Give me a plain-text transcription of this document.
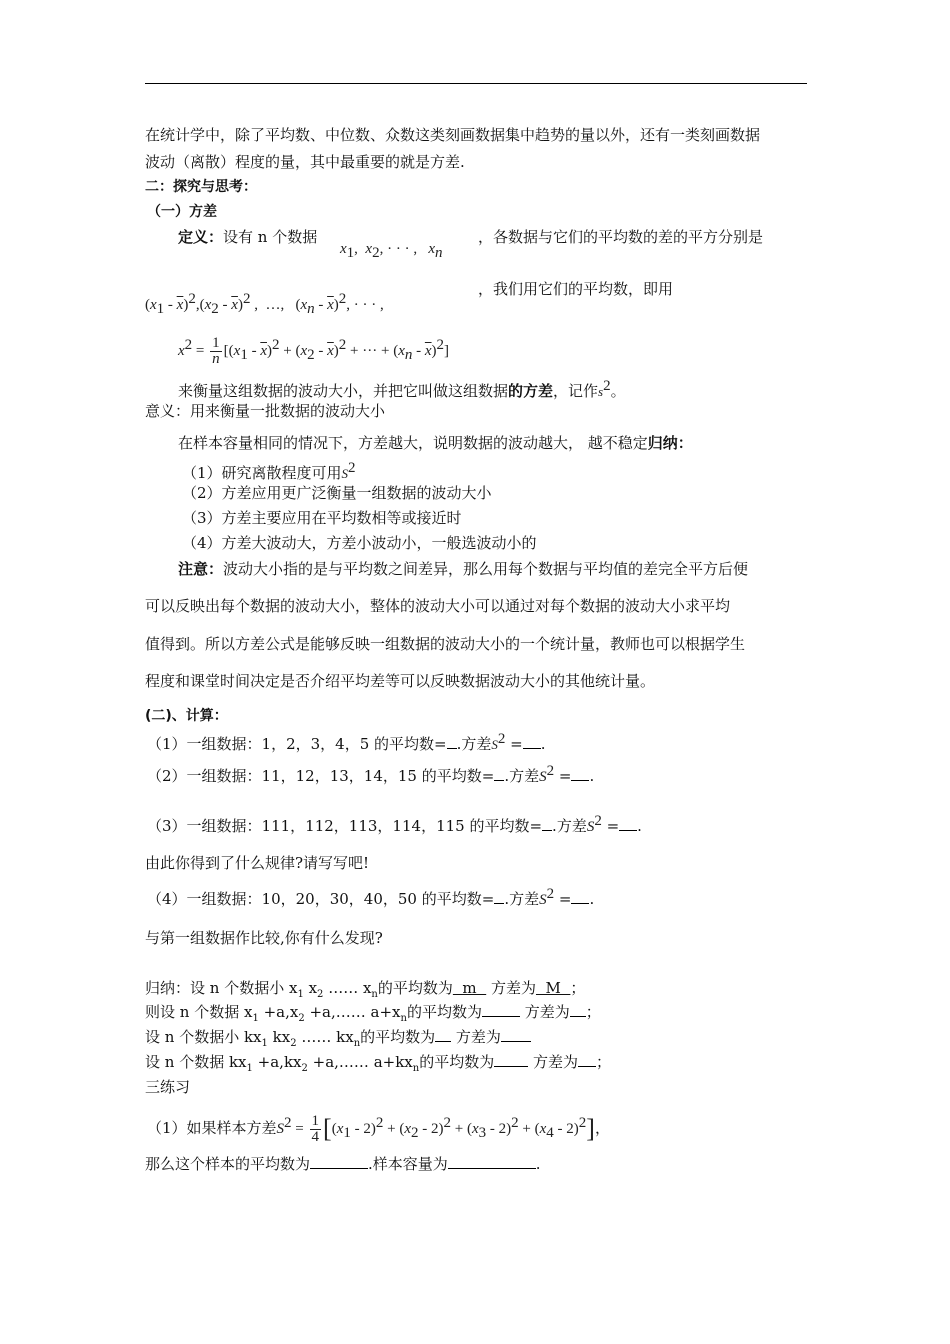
在统计学中，除了平均数、中位数、众数这类刻画数据集中趋势的量以外，还有一类刻画数据
波动（离散）程度的量，其中最重要的就是方差.
二：探究与思考：
（一）方差
定义：设有 n 个数据
$x_1$,  $x_2$, · · · ,   $x_n$
，各数据与它们的平均数的差的平方分别是
$(x_1 - \overline{x})^2,(x_2 - \overline{x})^2$ ,  …,   $(x_n - \overline{x})^2$, · · · ,
，我们用它们的平均数，即用
$x^2 = \frac{1}{n} [(x_1 - \overline{x})^2 + (x_2 - \overline{x})^2$ + ··· + $(x_n - \overline{x})^2$]
来衡量这组数据的波动大小，并把它叫做这组数据的方差，记作$s^2$。
意义：用来衡量一批数据的波动大小
在样本容量相同的情况下，方差越大，说明数据的波动越大， 越不稳定归纳：
（1）研究离散程度可用$S^2$
（2）方差应用更广泛衡量一组数据的波动大小
（3）方差主要应用在平均数相等或接近时
（4）方差大波动大，方差小波动小，一般选波动小的
注意：波动大小指的是与平均数之间差异，那么用每个数据与平均值的差完全平方后便
可以反映出每个数据的波动大小，整体的波动大小可以通过对每个数据的波动大小求平均
值得到。所以方差公式是能够反映一组数据的波动大小的一个统计量，教师也可以根据学生
程度和课堂时间决定是否介绍平均差等可以反映数据波动大小的其他统计量。
(二)、计算：
（1）一组数据：1，2，3，4，5 的平均数= .方差$S^2$ = .
（2）一组数据：11，12，13，14，15 的平均数= .方差$S^2$ = .
（3）一组数据：111，112，113，114，115 的平均数= .方差$S^2$ = .
由此你得到了什么规律?请写写吧!
（4）一组数据：10，20，30，40，50 的平均数= .方差$S^2$ = .
与第一组数据作比较,你有什么发现?
归纳：设 n 个数据小 $x_1$ $x_2$ …… $x_n$的平均数为  m   方差为  M  ；
则设 n 个数据 $x_1 +a,x_2$ +a,…… $a+x_n$的平均数为	方差为 ；
设 n 个数据小 $kx_1$ $kx_2$ …… $kx_n$的平均数为 方差为
设 n 个数据 $kx_1 +a,kx_2$ +a,…… $a+kx_n$的平均数为 方差为 ；
三练习
（1）如果样本方差$S^2 = \frac{1}{4} [(x_1 - 2)^2 + (x_2 - 2)^2 + (x_3 - 2)^2 + (x_4 - 2)^2]$，
那么这个样本的平均数为	.样本容量为	.
